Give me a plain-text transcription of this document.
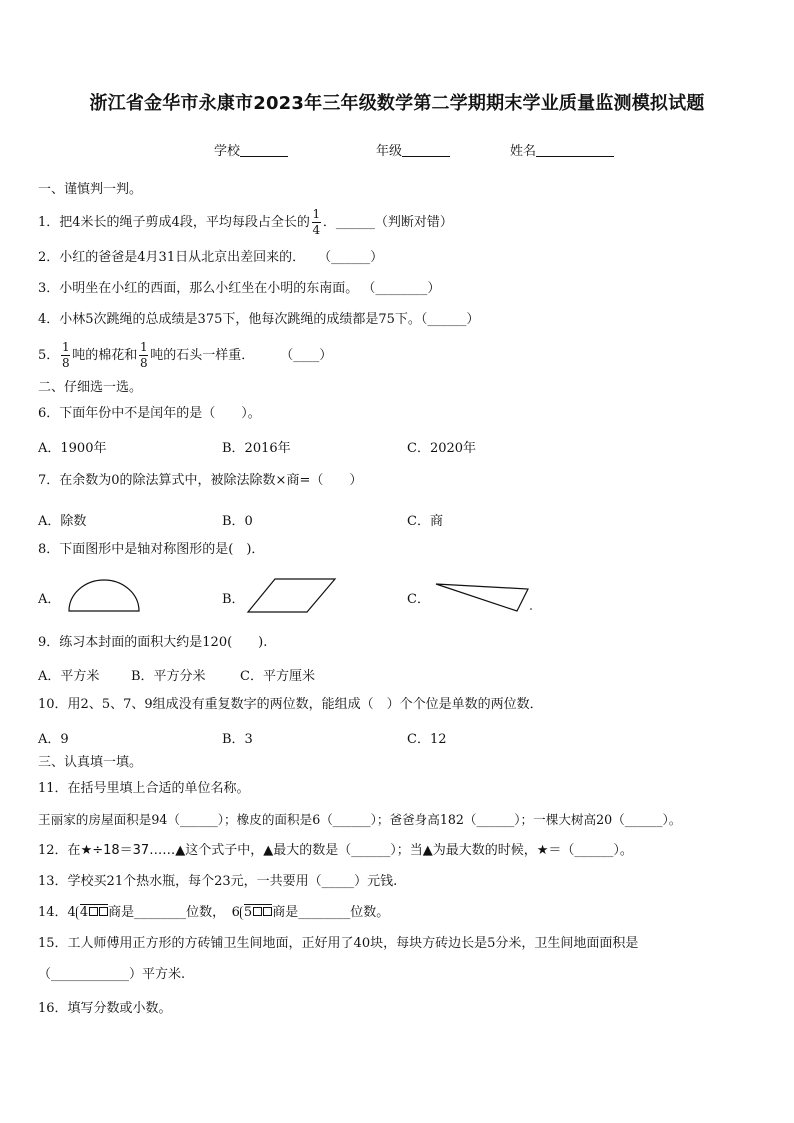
浙江省金华市永康市2023年三年级数学第二学期期末学业质量监测模拟试题
学校	年级	姓名
一、谨慎判一判。
1．把4米长的绳子剪成4段，平均每段占全长的 $\frac{1}{4}$ ．______（判断对错）
2．小红的爸爸是4月31日从北京出差回来的．　　（______）
3．小明坐在小红的西面，那么小红坐在小明的东南面。 （________）
4．小林5次跳绳的总成绩是375下，他每次跳绳的成绩都是75下。（______）
5． $\frac{1}{8}$ 吨的棉花和 $\frac{1}{8}$ 吨的石头一样重．　　　（____）
二、仔细选一选。
6．下面年份中不是闰年的是（　　）。
A．1900年	B．2016年	C．2020年
7．在余数为0的除法算式中，被除法除数×商=（　　）
A．除数	B．0	C．商
8．下面图形中是轴对称图形的是(　)．
A．	B．	C．
9．练习本封面的面积大约是120(　　).
A．平方米 B．平方分米	C．平方厘米
10．用2、5、7、9组成没有重复数字的两位数，能组成（　）个个位是单数的两位数．
A．9	B．3	C．12
三、认真填一填。
11．在括号里填上合适的单位名称。
王丽家的房屋面积是94（______）；橡皮的面积是6（______）；爸爸身高182（______）；一棵大树高20（______）。
12．在★÷18＝37……▲这个式子中，▲最大的数是（______）；当▲为最大数的时候，★＝（______）。
13．学校买21个热水瓶，每个23元，一共要用（_____）元钱.
14．4 4 商是________位数，　 6 5 商是________位数。
15．工人师傅用正方形的方砖铺卫生间地面，正好用了40块，每块方砖边长是5分米，卫生间地面面积是
（____________）平方米.
16．填写分数或小数。
